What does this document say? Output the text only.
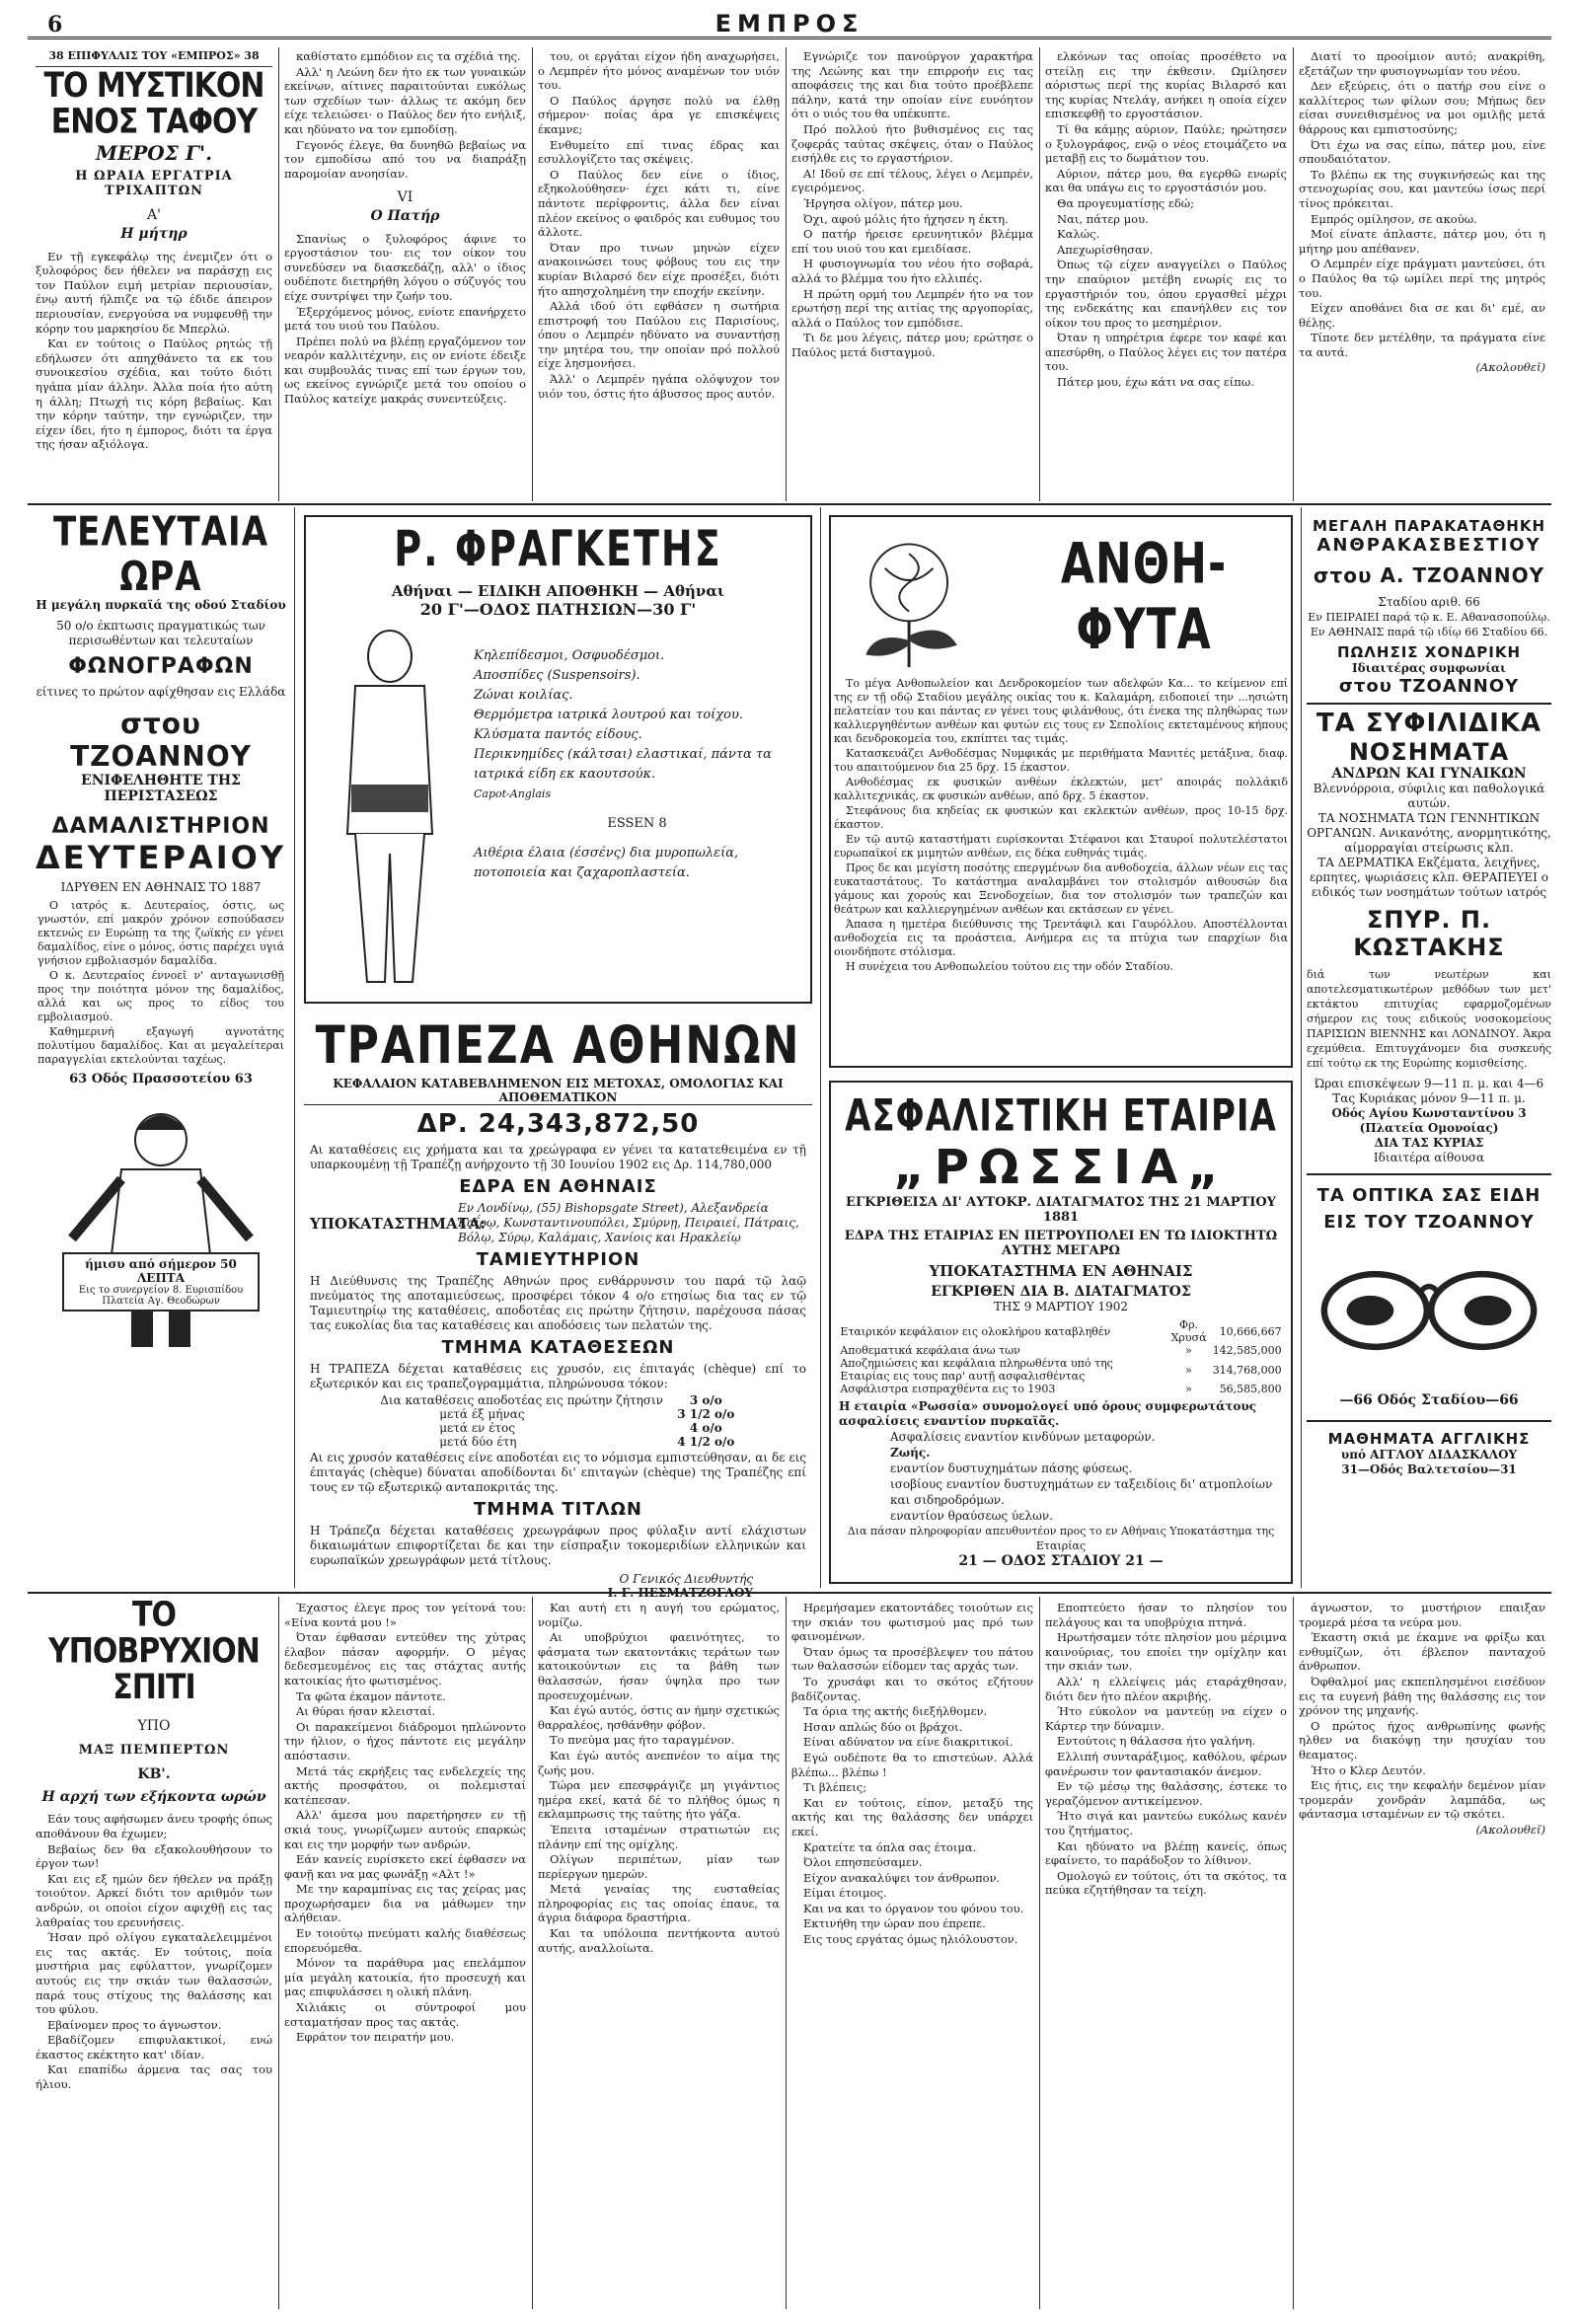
6	ΕΜΠΡΟΣ
38 ΕΠΙΦΥΛΛΙΣ ΤΟΥ «ΕΜΠΡΟΣ» 38
ΤΟ ΜΥΣΤΙΚΟΝ ΕΝΟΣ ΤΑΦΟΥ
ΜΕΡΟΣ Γ'.
Η ΩΡΑΙΑ ΕΡΓΑΤΡΙΑ ΤΡΙΧΑΠΤΩΝ
Α'
Η μήτηρ

Εν τῇ εγκεφάλῳ της ένεμιζεν ότι ο ξυλοφόρος δεν ήθελεν να παράσχῃ εις τον Παύλον ειμή μετρίαν περιουσίαν, ένῳ αυτή ήλπιζε να τῷ έδιδε άπειρον περιουσίαν, ενεργούσα να νυμφευθῇ την κόρην του μαρκησίου δε Μπερλώ.

Και εν τούτοις ο Παύλος ρητώς τῇ εδήλωσεν ότι απηχθάνετο τα εκ του συνοικεσίου σχέδια, και τούτο διότι ηγάπα μίαν άλλην. Άλλα ποία ήτο αύτη η άλλη; Πτωχή τις κόρη βεβαίως. Και την κόρην ταύτην, την εγνώριζεν, την είχεν ίδει, ήτο η έμπορος, διότι τα έργα της ήσαν αξιόλογα.

καθίστατο εμπόδιον εις τα σχέδιά της.

Αλλ' η Λεώνη δεν ήτο εκ των γυναικών εκείνων, αίτινες παραιτούνται ευκόλως των σχεδίων των· άλλως τε ακόμη δεν είχε τελειώσει· ο Παύλος δεν ήτο ενήλιξ, και ηδύνατο να τον εμποδίσῃ.

Γεγονός έλεγε, θα δυνηθῶ βεβαίως να τον εμποδίσω από του να διαπράξῃ παρομοίαν ανοησίαν.

VI
Ο Πατήρ

Σπανίως ο ξυλοφόρος άφινε το εργοστάσιον του· εις τον οίκον του συνεδύσεν να διασκεδάζῃ, αλλ' ο ίδιος ουδέποτε διετηρήθη λόγου ο σύζυγός του είχε συντρίψει την ζωήν του.

Έξερχόμενος μόνος, ενίοτε επανήρχετο μετά του υιού του Παύλου.

Πρέπει πολύ να βλέπῃ εργαζόμενον τον νεαρόν καλλιτέχνην, εις ον ενίοτε έδειξε και συμβουλάς τινας επί των έργων του, ως εκείνος εγνώριζε μετά του οποίου ο Παύλος κατείχε μακράς συνεντεύξεις.

του, οι εργάται είχον ήδη αναχωρήσει, ο Λεμπρέν ήτο μόνος αναμένων τον υιόν του.

Ο Παύλος άργησε πολύ να έλθῃ σήμερον· ποίας άρα γε επισκέψεις έκαμνε;

Ενθυμείτο επί τινας έδρας και εσυλλογίζετο τας σκέψεις.

Ο Παύλος δεν είνε ο ίδιος, εξηκολούθησεν· έχει κάτι τι, είνε πάντοτε περίφροντις, άλλα δεν είναι πλέον εκείνος ο φαιδρός και ευθυμος του άλλοτε.

Όταν προ τινων μηνών είχεν ανακοινώσει τους φόβους του εις την κυρίαν Βιλαρσό δεν είχε προσέξει, διότι ήτο απησχολημένη την εποχήν εκείνην.

Αλλά ιδού ότι εφθάσεν η σωτήρια επιστροφή του Παύλου εις Παρισίους, όπου ο Λεμπρέν ηδύνατο να συναντήσῃ την μητέρα του, την οποίαν πρό πολλού είχε λησμονήσει.

Άλλ' ο Λεμπρέν ηγάπα ολόψυχον τον υιόν του, όστις ήτο άβυσσος προς αυτόν.

Εγνώριζε τον πανούργον χαρακτήρα της Λεώνης και την επιρροήν εις τας αποφάσεις της και δια τούτο προέβλεπε πάλην, κατά την οποίαν είνε ευνόητον ότι ο υιός του θα υπέκυπτε.

Πρό πολλού ήτο βυθισμένος εις τας ζοφεράς ταύτας σκέψεις, όταν ο Παύλος εισήλθε εις το εργαστήριον.

Α! Ιδού σε επί τέλους, λέγει ο Λεμπρέν, εγειρόμενος.

Ήργησα ολίγον, πάτερ μου.

Όχι, αφού μόλις ήτο ήχησεν η έκτη.

Ο πατήρ ήρεισε ερευνητικόν βλέμμα επί του υιού του και εμειδίασε.

Η φυσιογνωμία του νέου ήτο σοβαρά, αλλά το βλέμμα του ήτο ελλιπές.

Η πρώτη ορμή του Λεμπρέν ήτο να τον ερωτήσῃ περί της αιτίας της αργοπορίας, αλλά ο Παύλος τον εμπόδισε.

Τι δε μου λέγεις, πάτερ μου; ερώτησε ο Παύλος μετά δισταγμού.

ελκόνων τας οποίας προσέθετο να στείλῃ εις την έκθεσιν. Ωμίλησεν αόριστως περί της κυρίας Βιλαρσό και της κυρίας Ντελάγ, ανήκει η οποία είχεν επισκεφθῇ το εργοστάσιον.

Τί θα κάμῃς αύριον, Παύλε; ηρώτησεν ο ξυλογράφος, ενῷ ο νέος ετοιμάζετο να μεταβῇ εις το δωμάτιον του.

Αύριον, πάτερ μου, θα εγερθῶ ενωρίς και θα υπάγω εις το εργοστάσιόν μου.

Θα προγευματίσῃς εδώ;

Ναι, πάτερ μου.

Καλώς.

Απεχωρίσθησαν.

Όπως τῷ είχεν αναγγείλει ο Παύλος την επαύριον μετέβη ενωρίς εις το εργαστήριόν του, όπου εργασθεί μέχρι της ενδεκάτης και επανήλθεν εις τον οίκον του προς το μεσημέριον.

Όταν η υπηρέτρια έφερε τον καφέ και απεσύρθη, ο Παύλος λέγει εις τον πατέρα του.

Πάτερ μου, έχω κάτι να σας είπω.

Διατί το προοίμιον αυτό; ανακρίθη, εξετάζων την φυσιογνωμίαν του νέου.

Δεν εξεύρεις, ότι ο πατήρ σου είνε ο καλλίτερος των φίλων σου; Μήπως δεν είσαι συνειθισμένος να μοι ομιλῇς μετά θάρρους και εμπιστοσύνης;

Ότι έχω να σας είπω, πάτερ μου, είνε σπουδαιότατον.

Το βλέπω εκ της συγκινήσεώς και της στενοχωρίας σου, και μαντεύω ίσως περί τίνος πρόκειται.

Εμπρός ομίλησον, σε ακούω.

Μοί είνατε άπλαστε, πάτερ μου, ότι η μήτηρ μου απέθανεν.

Ο Λεμπρέν είχε πράγματι μαντεύσει, ότι ο Παύλος θα τῷ ωμίλει περί της μητρός του.

Είχεν αποθάνει δια σε και δι' εμέ, αν θέλῃς.

Τίποτε δεν μετέλθην, τα πράγματα είνε τα αυτά.

(Ακολουθεῖ)
ΤΕΛΕΥΤΑΙΑ ΩΡΑ
Η μεγάλη πυρκαϊά της οδού Σταδίου
50 ο/ο έκπτωσις πραγματικώς των περισωθέντων και τελευταίων
ΦΩΝΟΓΡΑΦΩΝ
είτινες το πρώτον αφίχθησαν εις Ελλάδα
στου ΤΖΟΑΝΝΟΥ
ΕΝΙΦΕΛΗΘΗΤΕ ΤΗΣ ΠΕΡΙΣΤΑΣΕΩΣ
ΔΑΜΑΛΙΣΤΗΡΙΟΝ
ΔΕΥΤΕΡΑΙΟΥ
ΙΔΡΥΘΕΝ ΕΝ ΑΘΗΝΑΙΣ ΤΟ 1887

Ο ιατρός κ. Δευτεραίος, όστις, ως γνωστόν, επί μακρόν χρόνον εσπούδασεν εκτενώς εν Ευρώπῃ τα της ζωϊκής εν γένει δαμαλίδος, είνε ο μόνος, όστις παρέχει υγιά γνήσιον εμβολιασμόν δαμαλίδα.

Ο κ. Δευτεραίος έννοεῖ ν' ανταγωνισθῇ προς την ποιότητα μόνον της δαμαλίδος, αλλά και ως προς το είδος του εμβολιασμού.

Καθημερινή εξαγωγή αγνοτάτης πολυτίμου δαμαλίδος. Και αι μεγαλείτεραι παραγγελίαι εκτελούνται ταχέως.

63 Οδός Πρασσοτείου 63
ήμισυ από σήμερον 50 ΛΕΠΤΑ
Εις το συνεργείον 8. Ευρισπίδου Πλατεία Αγ. Θεοδώρων
Ρ. ΦΡΑΓΚΕΤΗΣ
Αθήναι — ΕΙΔΙΚΗ ΑΠΟΘΗΚΗ — Αθήναι
20 Γ'—ΟΔΟΣ ΠΑΤΗΣΙΩΝ—30 Γ'
Κηλεπίδεσμοι, Οσφυοδέσμοι.
Αποσπίδες (Suspensoirs).
Ζώναι κοιλίας.
Θερμόμετρα ιατρικά λουτρού και τοίχου.
Κλύσματα παντός είδους.
Περικνημίδες (κάλτσαι) ελαστικαί, πάντα τα ιατρικά είδη εκ καουτσούκ.
Capot-Anglais
ESSEN 8
Αιθέρια έλαια (έσσένς) δια μυροπωλεία, ποτοποιεία και ζαχαροπλαστεία.
ΤΡΑΠΕΖΑ ΑΘΗΝΩΝ
ΚΕΦΑΛΑΙΟΝ ΚΑΤΑΒΕΒΛΗΜΕΝΟΝ ΕΙΣ ΜΕΤΟΧΑΣ, ΟΜΟΛΟΓΙΑΣ ΚΑΙ ΑΠΟΘΕΜΑΤΙΚΟΝ
ΔΡ. 24,343,872,50
Αι καταθέσεις εις χρήματα και τα χρεώγραφα εν γένει τα κατατεθειμένα εν τῇ υπαρκουμένῃ τῇ Τραπέζῃ ανήρχοντο τῇ 30 Ιουνίου 1902 εις Δρ. 114,780,000
ΕΔΡΑ ΕΝ ΑΘΗΝΑΙΣ
ΥΠΟΚΑΤΑΣΤΗΜΑΤΑ:
Εν Λονδίνῳ, (55) Bishopsgate Street), Αλεξανδρεία Καΐρῳ, Κωνσταντινουπόλει, Σμύρνῃ, Πειραιεί, Πάτραις, Βόλῳ, Σύρῳ, Καλάμαις, Χανίοις και Ηρακλείῳ
ΤΑΜΙΕΥΤΗΡΙΟΝ
Η Διεύθυνσις της Τραπέζης Αθηνών προς ενθάρρυνσιν του παρά τῷ λαῷ πνεύματος της αποταμιεύσεως, προσφέρει τόκον 4 ο/ο ετησίως δια τας εν τῷ Ταμιευτηρίῳ της καταθέσεις, αποδοτέας εις πρώτην ζήτησιν, παρέχουσα πάσας τας ευκολίας δια τας καταθέσεις και αποδόσεις των πελατών της.
ΤΜΗΜΑ ΚΑΤΑΘΕΣΕΩΝ
Η ΤΡΑΠΕΖΑ δέχεται καταθέσεις εις χρυσόν, εις έπιταγάς (chèque) επί το εξωτερικόν και εις τραπεζογραμμάτια, πληρώνουσα τόκον:
Δια καταθέσεις αποδοτέας εις πρώτην ζήτησιν	3 ο/ο
μετά έξ μήνας	3 1/2 ο/ο
μετά εν έτος	4 ο/ο
μετά δύο έτη	4 1/2 ο/ο
Αι εις χρυσόν καταθέσεις είνε αποδοτέαι εις το νόμισμα εμπιστεύθησαν, αι δε εις έπιταγάς (chèque) δύναται αποδίδονται δι' επιταγών (chèque) της Τραπέζης επί τους εν τῷ εξωτερικῷ ανταποκριτάς της.
ΤΜΗΜΑ ΤΙΤΛΩΝ
Η Τράπεζα δέχεται καταθέσεις χρεωγράφων προς φύλαξιν αντί ελάχιστων δικαιωμάτων επιφορτίζεται δε και την είσπραξιν τοκομεριδίων ελληνικών και ευρωπαϊκών χρεωγράφων μετά τίτλους.
Ο Γενικός Διευθυντής
Ι. Γ. ΠΕΣΜΑΤΖΟΓΛΟΥ
ΑΝΘΗ-ΦΥΤΑ

Το μέγα Ανθοπωλείον και Δενδροκομείον των αδελφών Κα... το κείμενον επί της εν τῇ οδῷ Σταδίου μεγάλης οικίας του κ. Καλαμάρη, ειδοποιεί την ...ησιώτη πελατείαν του και πάντας εν γένει τους φιλάνθους, ότι ένεκα της πληθώρας των καλλιεργηθέντων ανθέων και φυτών εις τους εν Σεπολίοις εκτεταμένους κήπους και δενδροκομεία του, εκπίπτει τας τιμάς.

Κατασκευάζει Ανθοδέσμας Νυμφικάς με περιθήματα Μανιτές μετάξινα, διαφ. του απαιτούμενον δια 25 δρχ. 15 έκαστον.

Ανθοδέσμας εκ φυσικών ανθέων έκλεκτών, μετ' αποιράς πολλάκιδ καλλιτεχνικάς, εκ φυσικών ανθέων, από δρχ. 5 έκαστον.

Στεφάνους δια κηδείας εκ φυσικών και εκλεκτών ανθέων, προς 10-15 δρχ. έκαστον.

Εν τῷ αυτῷ καταστήματι ευρίσκονται Στέφανοι και Σταυροί πολυτελέστατοι ευρωπαϊκοί εκ μιμητών ανθέων, εις δέκα ευθηνάς τιμάς.

Προς δε και μεγίστη ποσότης επεργμένων δια ανθοδοχεία, άλλων νέων εις τας ευκαταστάτους. Το κατάστημα αναλαμβάνει τον στολισμόν αιθουσών δια γάμους και χορούς και Ξενοδοχείων, δια τον στολισμόν των τραπεζών και θεάτρων και καλλιεργημένων ανθέων και εκτάσεων εν γένει.

Άπασα η ημετέρα διεύθυνσις της Τρεντάφιλ και Γαυρόλλου. Αποστέλλονται ανθοδοχεία εις τα προάστεια, Ανήμερα εις τα πτύχια των επαρχίων δια οιονδήποτε στόλισμα.

Η συνέχεια του Ανθοπωλείου τούτου εις την οδόν Σταδίου.

ΑΣΦΑΛΙΣΤΙΚΗ ΕΤΑΙΡΙΑ
„ΡΩΣΣΙΑ„
ΕΓΚΡΙΘΕΙΣΑ ΔΙ' ΑΥΤΟΚΡ. ΔΙΑΤΑΓΜΑΤΟΣ ΤΗΣ 21 ΜΑΡΤΙΟΥ 1881
ΕΔΡΑ ΤΗΣ ΕΤΑΙΡΙΑΣ ΕΝ ΠΕΤΡΟΥΠΟΛΕΙ ΕΝ ΤΩ ΙΔΙΟΚΤΗΤΩ ΑΥΤΗΣ ΜΕΓΑΡΩ
ΥΠΟΚΑΤΑΣΤΗΜΑ ΕΝ ΑΘΗΝΑΙΣ
ΕΓΚΡΙΘΕΝ ΔΙΑ Β. ΔΙΑΤΑΓΜΑΤΟΣ
ΤΗΣ 9 ΜΑΡΤΙΟΥ 1902
Εταιρικόν κεφάλαιον εις ολοκλήρου καταβληθέν	Φρ. Χρυσά	10,666,667
Αποθεματικά κεφάλαια άνω των	»	142,585,000
Αποζημιώσεις και κεφάλαια πληρωθέντα υπό της Εταιρίας εις τους παρ' αυτῇ ασφαλισθέντας	»	314,768,000
Ασφάλιστρα εισπραχθέντα εις το 1903	»	56,585,800
Η εταιρία «Ρωσσία» συνομολογεί υπό όρους συμφερωτάτους ασφαλίσεις εναντίον πυρκαϊᾶς.
Ασφαλίσεις εναντίον κινδύνων μεταφορών.
Ζωής.
εναντίον δυστυχημάτων πάσης φύσεως.
ισοβίους εναντίον δυστυχημάτων εν ταξειδίοις δι' ατμοπλοίων και σιδηροδρόμων.
εναντίον θραύσεως ύελων.
Δια πάσαν πληροφορίαν απευθυντέον προς το εν Αθήναις Υποκατάστημα της Εταιρίας
21 — ΟΔΟΣ ΣΤΑΔΙΟΥ 21 —
ΜΕΓΑΛΗ ΠΑΡΑΚΑΤΑΘΗΚΗ
ΑΝΘΡΑΚΑΣΒΕΣΤΙΟΥ
στου Α. ΤΖΟΑΝΝΟΥ
Σταδίου αριθ. 66
Εν ΠΕΙΡΑΙΕΙ παρά τῷ κ. Ε. Αθανασοπούλῳ. Εν ΑΘΗΝΑΙΣ παρά τῷ ιδίῳ 66 Σταδίου 66.
ΠΩΛΗΣΙΣ ΧΟΝΔΡΙΚΗ
Ιδιαιτέρας συμφωνίαι
στου ΤΖΟΑΝΝΟΥ
ΤΑ ΣΥΦΙΛΙΔΙΚΑ
ΝΟΣΗΜΑΤΑ
ΑΝΔΡΩΝ ΚΑΙ ΓΥΝΑΙΚΩΝ
Βλεννόρροια, σύφιλις και παθολογικά αυτών.
ΤΑ ΝΟΣΗΜΑΤΑ ΤΩΝ ΓΕΝΝΗΤΙΚΩΝ ΟΡΓΑΝΩΝ. Ανικανότης, ανορμητικότης, αίμορραγίαι στείρωσις κλπ.
ΤΑ ΔΕΡΜΑΤΙΚΑ Εκζέματα, λειχῆνες, ερπητες, ψωριάσεις κλπ. ΘΕΡΑΠΕΥΕΙ ο ειδικός των νοσημάτων τούτων ιατρός
ΣΠΥΡ. Π. ΚΩΣΤΑΚΗΣ
διά των νεωτέρων και αποτελεσματικωτέρων μεθόδων των μετ' εκτάκτου επιτυχίας εφαρμοζομένων σήμερον εις τους ειδικούς νοσοκομείους ΠΑΡΙΣΙΩΝ ΒΙΕΝΝΗΣ και ΛΟΝΔΙΝΟΥ. Άκρα εχεμύθεια. Επιτυγχάνομεν δια συσκευής επί τούτῳ εκ της Ευρώπης κομισθείσης.
Ώραι επισκέψεων 9—11 π. μ. και 4—6 Τας Κυριάκας μόνον 9—11 π. μ.
Οδός Αγίου Κωνσταντίνου 3 (Πλατεία Ομονοίας)
ΔΙΑ ΤΑΣ ΚΥΡΙΑΣ
Ιδιαιτέρα αίθουσα
ΤΑ ΟΠΤΙΚΑ ΣΑΣ ΕΙΔΗ
ΕΙΣ ΤΟΥ ΤΖΟΑΝΝΟΥ
—66 Οδός Σταδίου—66
ΜΑΘΗΜΑΤΑ ΑΓΓΛΙΚΗΣ
υπό ΑΓΓΛΟΥ ΔΙΔΑΣΚΑΛΟΥ
31—Οδός Βαλτετσίου—31
ΤΟ ΥΠΟΒΡΥΧΙΟΝ ΣΠΙΤΙ
ΥΠΟ
ΜΑΞ ΠΕΜΠΕΡΤΩΝ
ΚΒ'.
Η αρχή των εξήκοντα ωρών

Εάν τους αφήσωμεν άνευ τροφής όπως αποθάνουν θα έχωμεν;

Βεβαίως δεν θα εξακολουθήσουν το έργον των!

Και εις εξ ημών δεν ήθελεν να πράξῃ τοιούτον. Αρκεί διότι τον αριθμόν των ανδρών, οι οποίοι είχον αφιχθῇ εις τας λαθραίας του ερευνήσεις.

Ήσαν πρό ολίγου εγκαταλελειμμένοι εις τας ακτάς. Εν τούτοις, ποία μυστήρια μας εφύλαττον, γνωρίζομεν αυτούς εις την σκιάν των θαλασσών, παρά τους στίχους της θαλάσσης και του φύλου.

Εβαίνομεν προς το άγνωστον.

Εβαδίζομεν επιφυλακτικοί, ενώ έκαστος εκέκτητο κατ' ιδίαν.

Και επαπίδω άρμενα τας σας του ήλιου.

Έχαστος έλεγε προς τον γείτονά του: «Είνα κοντά μου !»

Όταν έφθασαν εντεύθεν της χύτρας έλαβον πάσαν αφορμήν. Ο μέγας δεδεσμευμένος εις τας στάχτας αυτής κατοικίας ήτο φωτισμένος.

Τα φῶτα έκαμον πάντοτε.

Αι θύραι ήσαν κλεισταί.

Οι παρακείμενοι διάδρομοι ηπλώνοντο την ήλιον, ο ήχος πάντοτε εις μεγάλην απόστασιν.

Μετά τάς εκρήξεις τας ενδελεχείς της ακτής προσφάτου, οι πολεμισταί κατέπεσαν.

Αλλ' άμεσα μου παρετήρησεν εν τῇ σκιά τους, γνωρίζωμεν αυτούς επαρκώς και εις την μορφήν των ανδρών.

Εάν κανείς ευρίσκετο εκεί έφθασεν να φανῇ και να μας φωνάξῃ «Αλτ !»

Με την καραμπίνας εις τας χείρας μας προχωρήσαμεν δια να μάθωμεν την αλήθειαν.

Εν τοιούτῳ πνεύματι καλής διαθέσεως επορευόμεθα.

Μόνον τα παράθυρα μας επελάμπον μία μεγάλη κατοικία, ήτο προσευχή και μας επιφυλάσσει η ολική πλάνη.

Χιλιάκις οι σύντροφοί μου εσταματήσαν προς τας ακτάς.

Εφράτον τον πειρατήν μου.

Και αυτή ετι η αυγή του ερώματος, νομίζω.

Αι υποβρύχιοι φαεινότητες, το φάσματα των εκατοντάκις τεράτων των κατοικούντων εις τα βάθη των θαλασσών, ήσαν ύψηλα προ των προσευχομένων.

Και έγώ αυτός, όστις αν ήμην σχετικώς θαρραλέος, ησθάνθην φόβον.

Το πνεύμα μας ήτο ταραγμένον.

Και έγὼ αυτός ανεπνέον το αίμα της ζωής μου.

Τώρα μεν επεσφράγιζε μη γιγάντιος ημέρα εκεί, κατά δέ το πλήθος όμως η εκλαμπρωσις της ταύτης ήτο γάζα.

Έπειτα ισταμένων στρατιωτών εις πλάνην επί της ομίχλης.

Ολίγων περιπέτων, μίαν των περίεργων ημερών.

Μετά γεναίας της ευσταθείας πληροφορίας εις τας οποίας έπαυε, τα άγρια διάφορα δραστήρια.

Και τα υπόλοιπα πεντήκοντα αυτού αυτής, αναλλοίωτα.

Ηρεμήσαμεν εκατοντάδες τοιούτων εις την σκιάν του φωτισμού μας πρό των φαινομένων.

Όταν όμως τα προσέβλεψεν του πάτου των θαλασσών είδομεν τας αρχάς των.

Το χρυσάφι και το σκότος εζήτουν βαδίζοντας.

Τα όρια της ακτής διεξήλθομεν.

Ησαν απλώς δύο οι βράχοι.

Είναι αδύνατον να είνε διακριτικοί.

Εγώ ουδέποτε θα το επιστεύων. Αλλά βλέπω... βλέπω !

Τι βλέπεις;

Και εν τούτοις, είπον, μεταξύ της ακτής και της θαλάσσης δεν υπάρχει εκεί.

Κρατείτε τα όπλα σας έτοιμα.

Όλοι επησπεύσαμεν.

Είχον ανακαλύψει τον άνθρωπον.

Είμαι έτοιμος.

Και να και το όργανον του φόνου του.

Εκτινήθη την ώραν που έπρεπε.

Εις τους εργάτας όμως ηλιόλουστον.

Εποπτεύετο ήσαν το πλησίον του πελάγους και τα υποβρύχια πτηνά.

Ηρωτήσαμεν τότε πλησίον μου μέριμνα καινούριας, του εποίει την ομίχλην και την σκιάν των.

Αλλ' η ελλείψεις μάς εταράχθησαν, διότι δεν ήτο πλέον ακριβής.

Ήτο εύκολον να μαντεύῃ να είχεν ο Κάρτερ την δύναμιν.

Εντούτοις η θάλασσα ήτο γαλήνη.

Ελλιπή συνταράξιμος, καθόλου, φέρων φανέρωσιν τον φαντασιακόν άνεμον.

Εν τῷ μέσῳ της θαλάσσης, έστεκε το γεραζόμενον αντικείμενον.

Ήτο σιγά και μαντεύω ευκόλως κανέν του ζητήματος.

Και ηδύνατο να βλέπῃ κανείς, όπως εφαίνετο, το παράδοξον το λίθινον.

Ομολογώ εν τούτοις, ότι τα σκότος, τα πεύκα εζητήθησαν τα τείχη.

άγνωστον, το μυστήριον επαιξαν τρομερά μέσα τα νεύρα μου.

Έκαστη σκιά με έκαμνε να φρίξω και ενθυμίζων, ότι έβλεπον πανταχού άνθρωπον.

Όφθαλμοί μας εκπεπλησμένοι εισέδυον εις τα ευγενή βάθη της θαλάσσης εις τον χρόνον της μηχανής.

Ο πρώτος ήχος ανθρωπίνης φωνής ηλθεν να διακόψῃ την ησυχίαν του θεαματος.

Ήτο ο Κλερ Δευτόν.

Εις ήτις, εις την κεφαλήν δεμένον μίαν τρομεράν χονδράν λαμπάδα, ως φάντασμα ισταμένων εν τῷ σκότει.

(Ακολουθεῖ)
